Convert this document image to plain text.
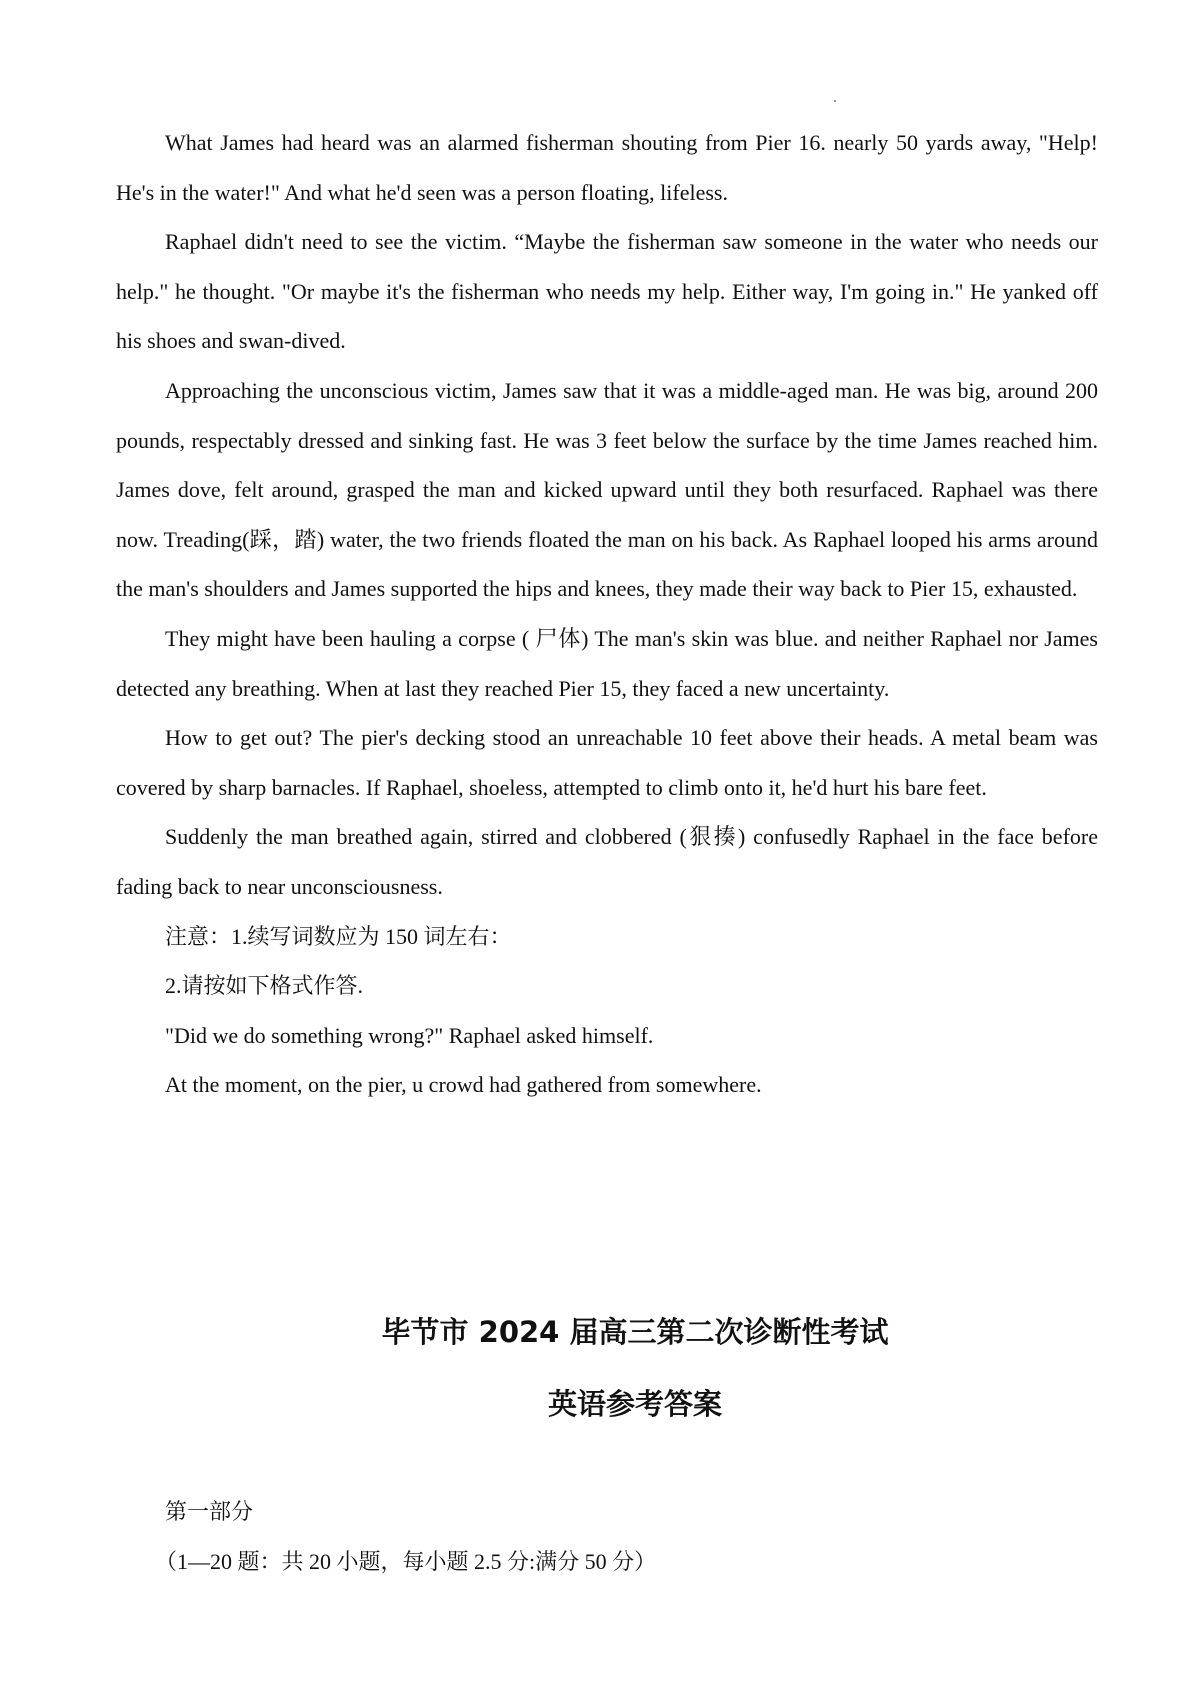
What James had heard was an alarmed fisherman shouting from Pier 16. nearly 50 yards away, "Help! He's in the water!" And what he'd seen was a person floating, lifeless.

Raphael didn't need to see the victim. “Maybe the fisherman saw someone in the water who needs our help." he thought. "Or maybe it's the fisherman who needs my help. Either way, I'm going in." He yanked off his shoes and swan-dived.

Approaching the unconscious victim, James saw that it was a middle-aged man. He was big, around 200 pounds, respectably dressed and sinking fast. He was 3 feet below the surface by the time James reached him. James dove, felt around, grasped the man and kicked upward until they both resurfaced. Raphael was there now. Treading(踩，踏) water, the two friends floated the man on his back. As Raphael looped his arms around the man's shoulders and James supported the hips and knees, they made their way back to Pier 15, exhausted.

They might have been hauling a corpse ( 尸体) The man's skin was blue. and neither Raphael nor James detected any breathing. When at last they reached Pier 15, they faced a new uncertainty.

How to get out? The pier's decking stood an unreachable 10 feet above their heads. A metal beam was covered by sharp barnacles. If Raphael, shoeless, attempted to climb onto it, he'd hurt his bare feet.

Suddenly the man breathed again, stirred and clobbered (狠揍) confusedly Raphael in the face before fading back to near unconsciousness.

注意：1.续写词数应为 150 词左右：

2.请按如下格式作答.

"Did we do something wrong?" Raphael asked himself.

At the moment, on the pier, u crowd had gathered from somewhere.

毕节市 2024 届高三第二次诊断性考试
英语参考答案
第一部分
（1—20 题：共 20 小题，每小题 2.5 分:满分 50 分）
